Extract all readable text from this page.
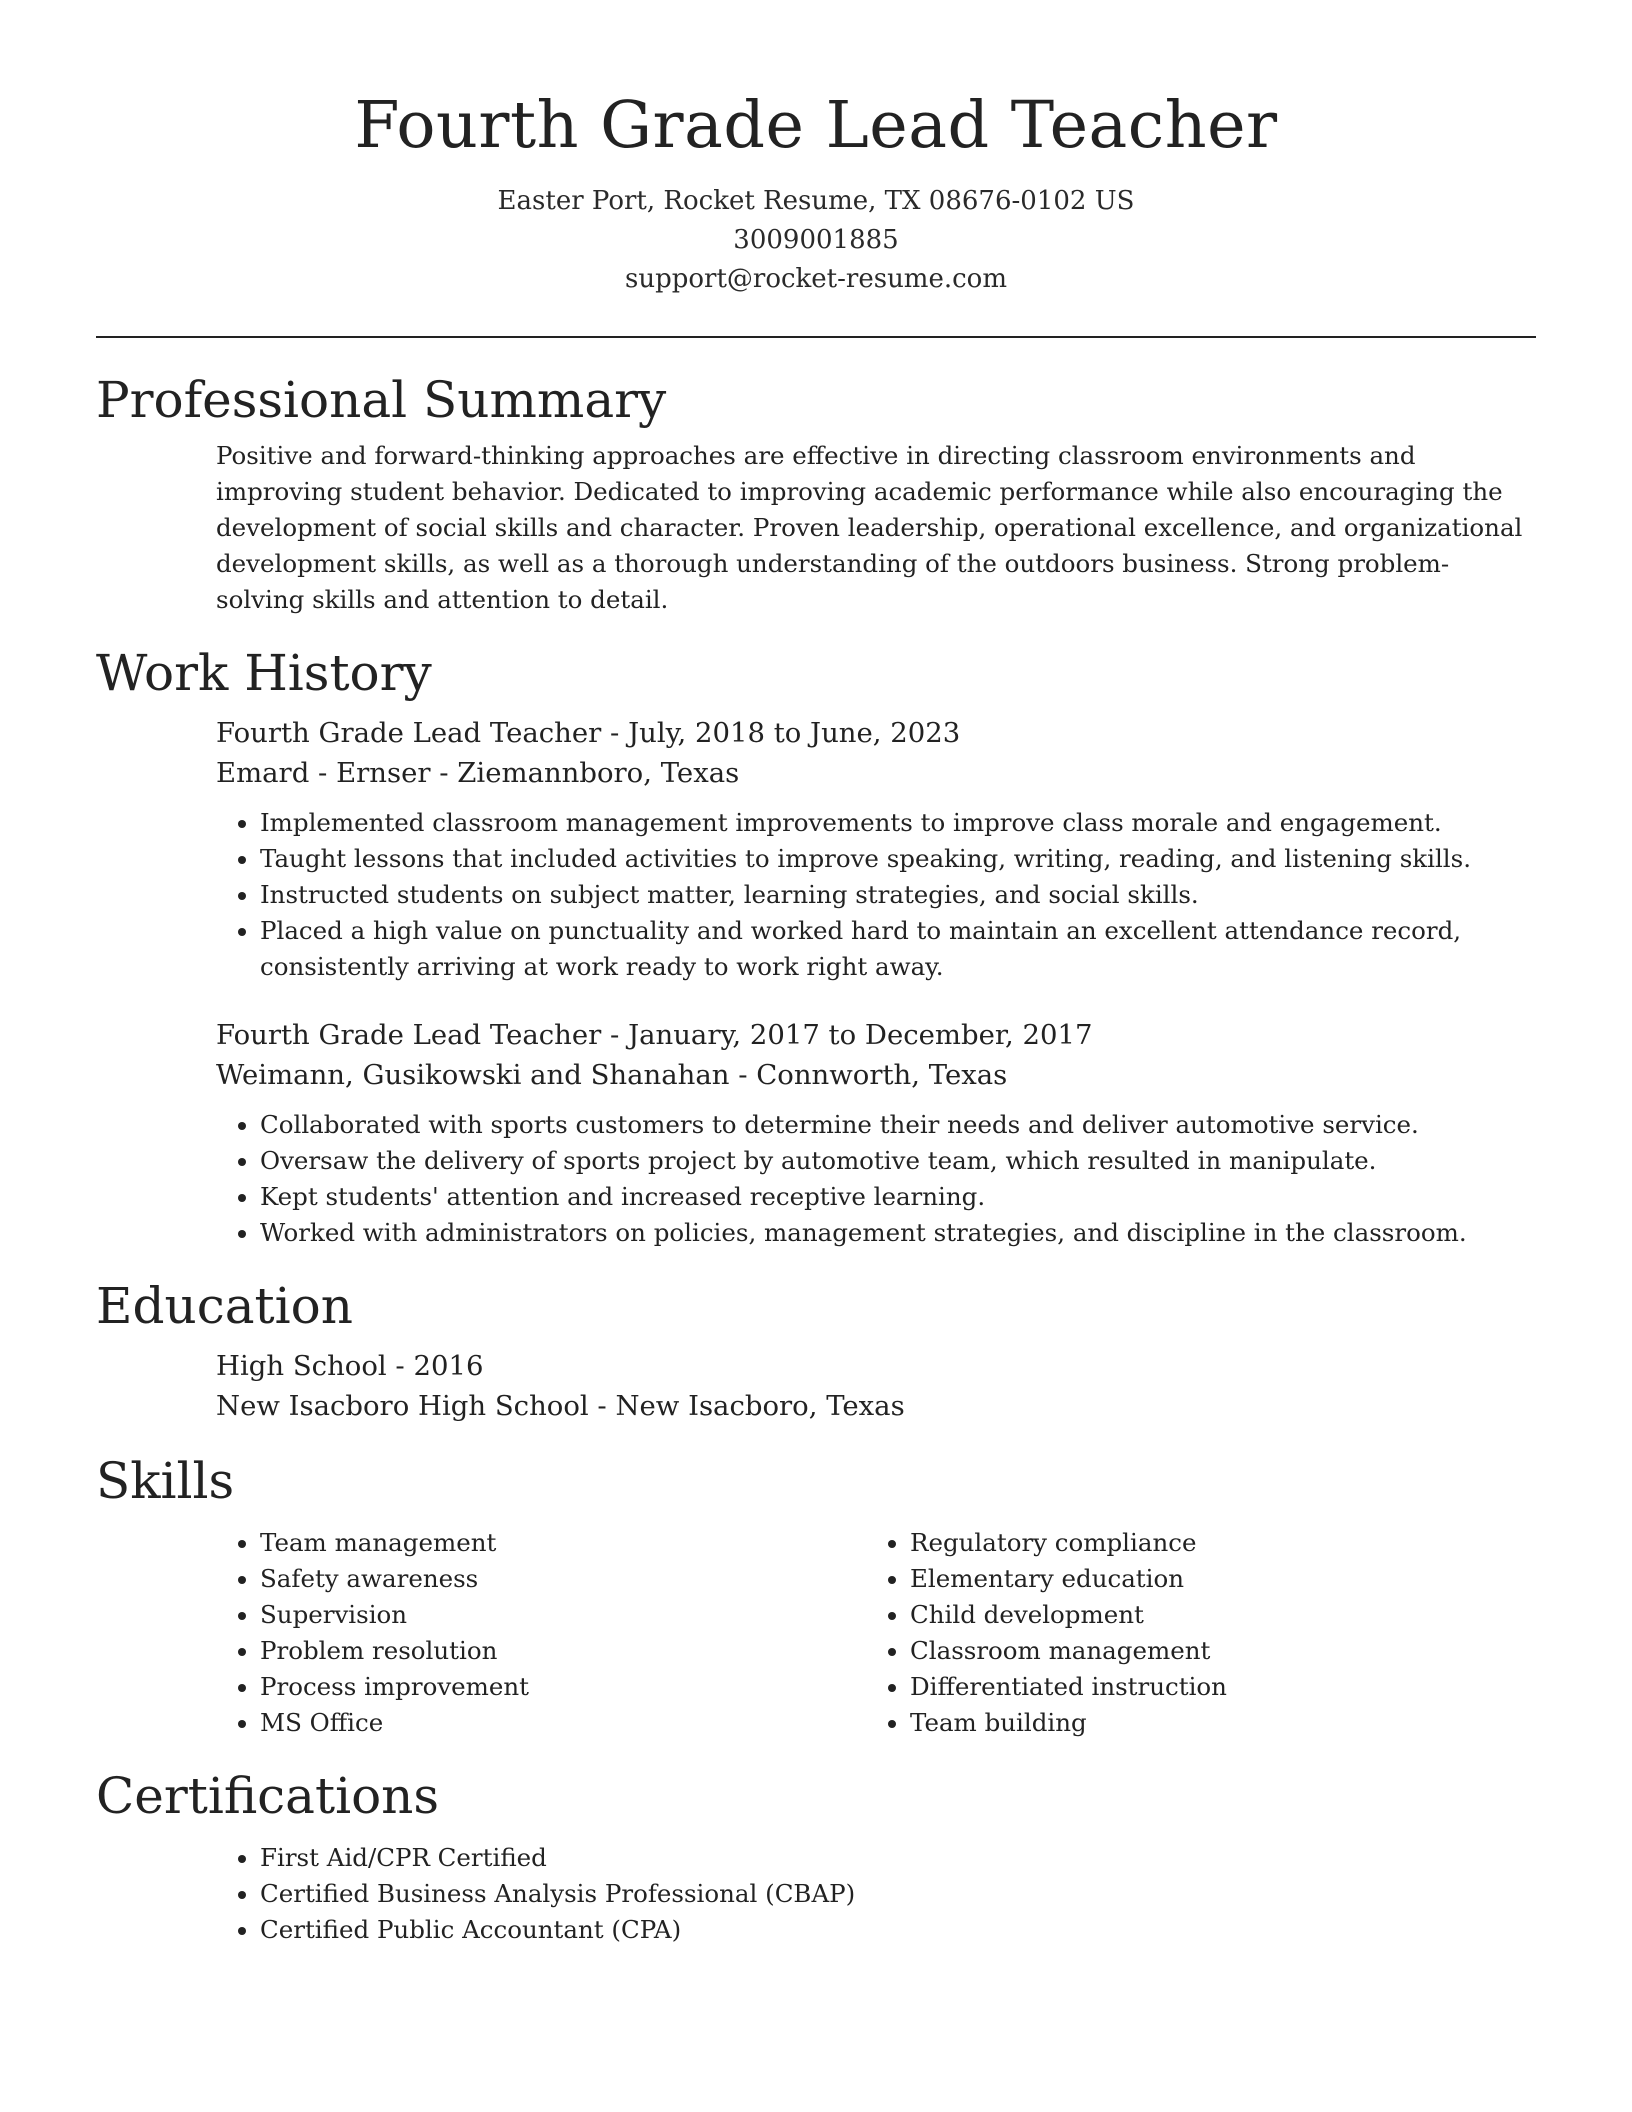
Fourth Grade Lead Teacher
Easter Port, Rocket Resume, TX 08676-0102 US
3009001885
support@rocket-resume.com
Professional Summary

Positive and forward-thinking approaches are effective in directing classroom environments and improving student behavior. Dedicated to improving academic performance while also encouraging the development of social skills and character. Proven leadership, operational excellence, and organizational development skills, as well as a thorough understanding of the outdoors business. Strong problem-solving skills and attention to detail.

Work History
Fourth Grade Lead Teacher - July, 2018 to June, 2023
Emard - Ernser - Ziemannboro, Texas
• Implemented classroom management improvements to improve class morale and engagement.
• Taught lessons that included activities to improve speaking, writing, reading, and listening skills.
• Instructed students on subject matter, learning strategies, and social skills.
• Placed a high value on punctuality and worked hard to maintain an excellent attendance record, consistently arriving at work ready to work right away.
Fourth Grade Lead Teacher - January, 2017 to December, 2017
Weimann, Gusikowski and Shanahan - Connworth, Texas
• Collaborated with sports customers to determine their needs and deliver automotive service.
• Oversaw the delivery of sports project by automotive team, which resulted in manipulate.
• Kept students' attention and increased receptive learning.
• Worked with administrators on policies, management strategies, and discipline in the classroom.
Education
High School - 2016
New Isacboro High School - New Isacboro, Texas
Skills
• Team management
• Safety awareness
• Supervision
• Problem resolution
• Process improvement
• MS Office
• Regulatory compliance
• Elementary education
• Child development
• Classroom management
• Differentiated instruction
• Team building
Certifications
• First Aid/CPR Certified
• Certified Business Analysis Professional (CBAP)
• Certified Public Accountant (CPA)
